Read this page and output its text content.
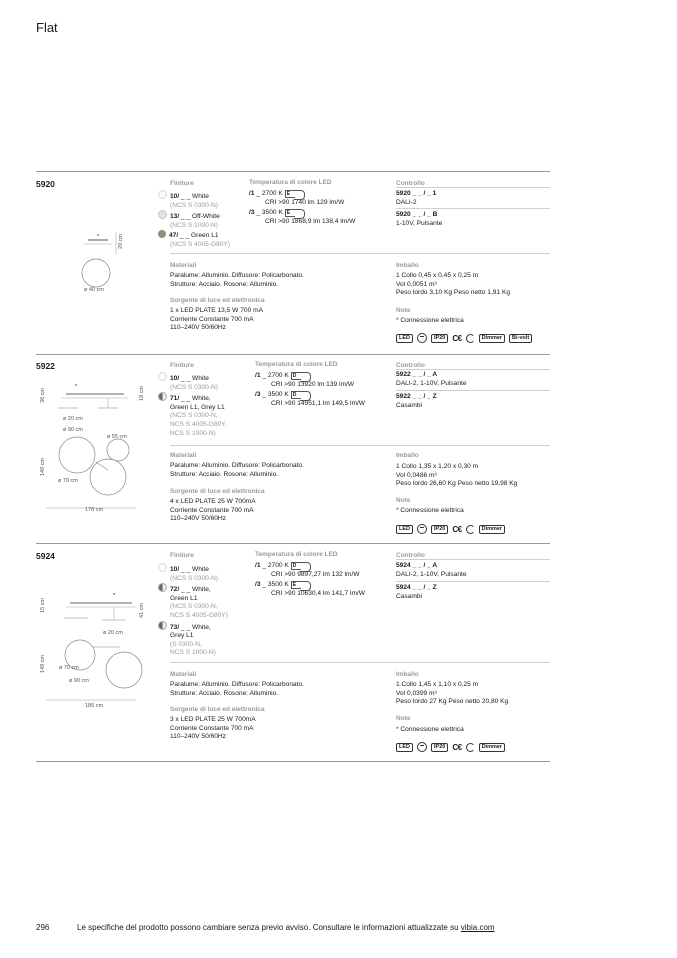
Flat
5920
20 cm
ø 40 cm
Finiture
10/ _ _ White
(NCS S 0300-N)
13/ _ _ Off-White
(NCS S 1000-N)
47/ _ _ Green L1
(NCS S 4005-G80Y)
Temperatura di colore LED
/1 _ 2700 K E
CRI >90 1740 lm 129 lm/W
/3 _ 3500 K E
CRI >90 1868,9 lm 138,4 lm/W
Controllo
5920 _ _ / _ 1
DALI-2
5920 _ _ / _ B
1-10V, Pulsante
Materiali
Paralume: Alluminio. Diffusore: Policarbonato.
Strutture: Acciaio. Rosone: Alluminio.
Sorgente di luce ed elettronica
1 x LED PLATE 13,5 W 700 mA
Corriente Constante 700 mA
110–240V 50/60Hz
Imballo
1 Collo 0,45 x 0,45 x 0,25 m
Vol 0,0051 m³
Peso lordo 3,10 Kg Peso netto 1,91 Kg
Note
* Connessione elettrica
LED	IP20 C€	Dimmer	Bi-volt
5922
36 cm	18 cm
ø 20 cm
ø 90 cm
ø 55 cm
ø 70 cm
149 cm
178 cm
Finiture
10/ _ _ White
(NCS S 0300-N)
71/ _ _ White,
Green L1, Grey L1
(NCS S 0300-N,
NCS S 4005-G80Y,
NCS S 1000-N)
Temperatura di colore LED
/1 _ 2700 K D
CRI >90 13920 lm 139 lm/W
/3 _ 3500 K D
CRI >90 14951,1 lm 149,5 lm/W
Controllo
5922 _ _ / _ A
DALI-2, 1-10V, Pulsante
5922 _ _ / _ Z
Casambi
Materiali
Paralume: Alluminio. Diffusore: Policarbonato.
Strutture: Acciaio. Rosone: Alluminio.
Sorgente di luce ed elettronica
4 x LED PLATE 25 W 700mA
Corriente Constante 700 mA
110–240V 50/60Hz
Imballo
1 Collo 1,35 x 1,20 x 0,30 m
Vol 0,0486 m³
Peso lordo 26,60 Kg Peso netto 19,98 Kg
Note
* Connessione elettrica
LED	IP20 C€	Dimmer
5924
15 cm	41 cm
ø 20 cm
ø 70 cm
ø 90 cm
149 cm
186 cm
Finiture
10/ _ _ White
(NCS S 0300-N)
72/ _ _ White,
Green L1
(NCS S 0300-N,
NCS S 4005-G80Y)
73/ _ _ White,
Grey L1
(S 0300-N,
NCS S 1000-N)
Temperatura di colore LED
/1 _ 2700 K D
CRI >90 9897,27 lm 132 lm/W
/3 _ 3500 K E
CRI >90 10630,4 lm 141,7 lm/W
Controllo
5924 _ _ / _ A
DALI-2, 1-10V, Pulsante
5924 _ _ / _ Z
Casambi
Materiali
Paralume: Alluminio. Diffusore: Policarbonato.
Strutture: Acciaio. Rosone: Alluminio.
Sorgente di luce ed elettronica
3 x LED PLATE 25 W 700mA
Corriente Constante 700 mA
110–240V 50/60Hz
Imballo
1 Collo 1,45 x 1,10 x 0,25 m
Vol 0,0399 m³
Peso lordo 27 Kg Peso netto 20,80 Kg
Note
* Connessione elettrica
LED	IP20 C€	Dimmer
296	Le specifiche del prodotto possono cambiare senza previo avviso. Consultare le informazioni attualizzate su vibia.com
